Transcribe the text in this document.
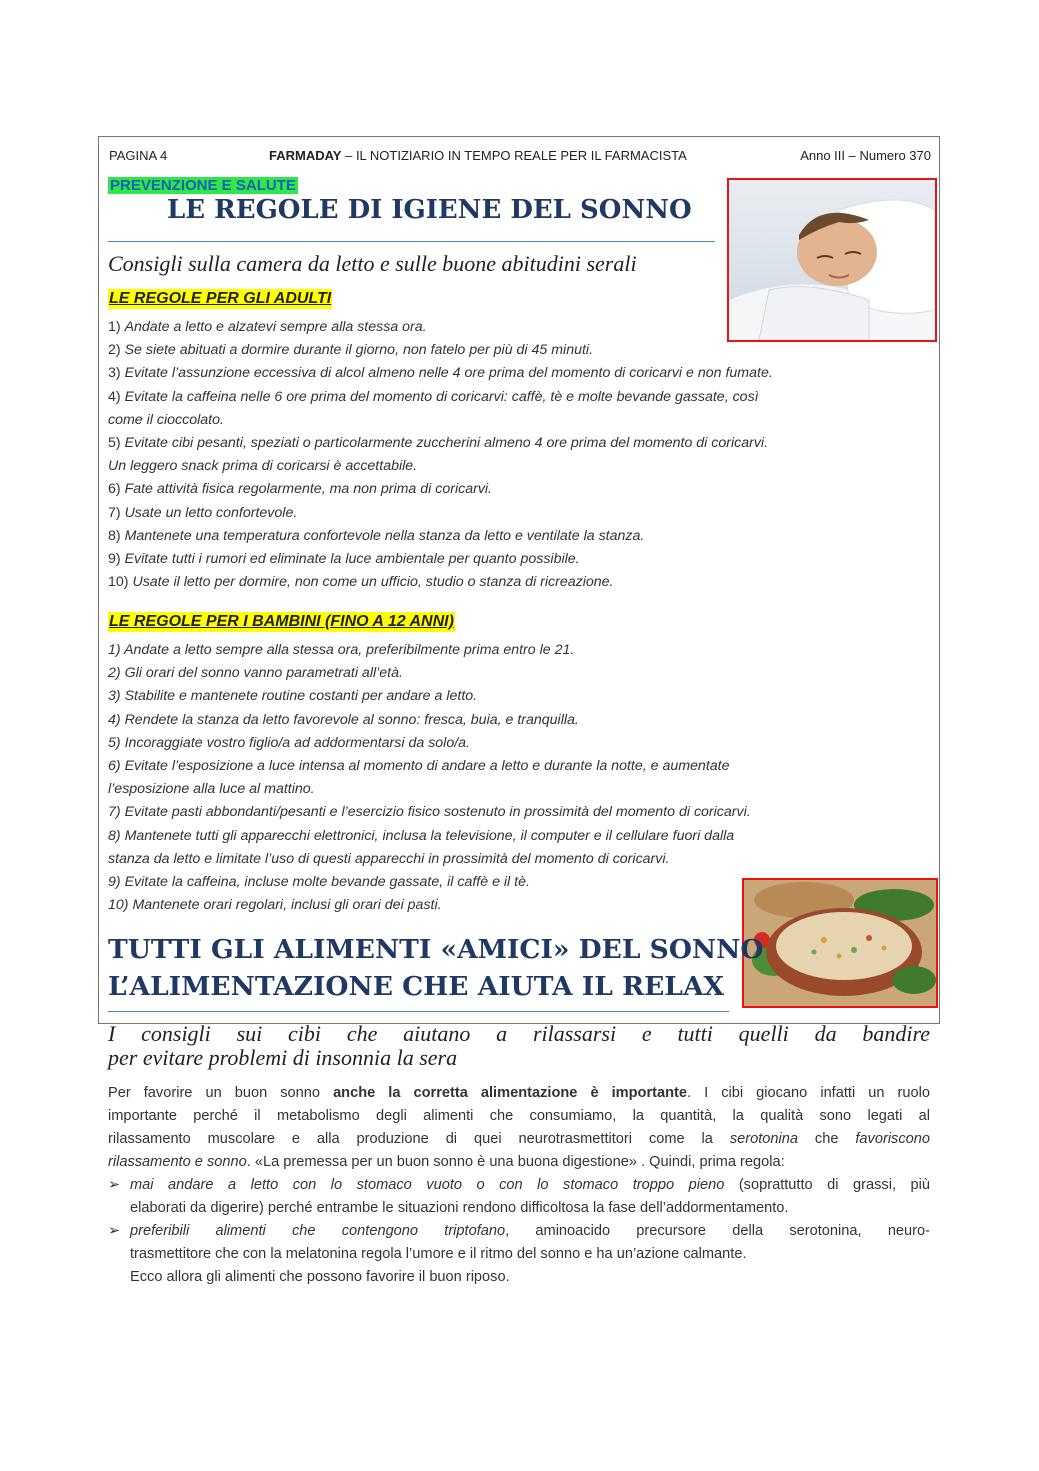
PAGINA 4	FARMADAY – IL NOTIZIARIO IN TEMPO REALE PER IL FARMACISTA	Anno III – Numero 370
PREVENZIONE E SALUTE
LE REGOLE DI IGIENE DEL SONNO
Consigli sulla camera da letto e sulle buone abitudini serali
LE REGOLE PER GLI ADULTI
1) Andate a letto e alzatevi sempre alla stessa ora.
2) Se siete abituati a dormire durante il giorno, non fatelo per più di 45 minuti.
3) Evitate l’assunzione eccessiva di alcol almeno nelle 4 ore prima del momento di coricarvi e non fumate.
4) Evitate la caffeina nelle 6 ore prima del momento di coricarvi: caffè, tè e molte bevande gassate, così
come il cioccolato.
5) Evitate cibi pesanti, speziati o particolarmente zuccherini almeno 4 ore prima del momento di coricarvi.
Un leggero snack prima di coricarsi è accettabile.
6) Fate attività fisica regolarmente, ma non prima di coricarvi.
7) Usate un letto confortevole.
8) Mantenete una temperatura confortevole nella stanza da letto e ventilate la stanza.
9) Evitate tutti i rumori ed eliminate la luce ambientale per quanto possibile.
10) Usate il letto per dormire, non come un ufficio, studio o stanza di ricreazione.
LE REGOLE PER I BAMBINI (FINO A 12 ANNI)
1) Andate a letto sempre alla stessa ora, preferibilmente prima entro le 21.
2) Gli orari del sonno vanno parametrati all’età.
3) Stabilite e mantenete routine costanti per andare a letto.
4) Rendete la stanza da letto favorevole al sonno: fresca, buia, e tranquilla.
5) Incoraggiate vostro figlio/a ad addormentarsi da solo/a.
6) Evitate l’esposizione a luce intensa al momento di andare a letto e durante la notte, e aumentate
l’esposizione alla luce al mattino.
7) Evitate pasti abbondanti/pesanti e l’esercizio fisico sostenuto in prossimità del momento di coricarvi.
8) Mantenete tutti gli apparecchi elettronici, inclusa la televisione, il computer e il cellulare fuori dalla
stanza da letto e limitate l’uso di questi apparecchi in prossimità del momento di coricarvi.
9) Evitate la caffeina, incluse molte bevande gassate, il caffè e il tè.
10) Mantenete orari regolari, inclusi gli orari dei pasti.
TUTTI GLI ALIMENTI «AMICI» DEL SONNO
L’ALIMENTAZIONE CHE AIUTA IL RELAX
I consigli sui cibi che aiutano a rilassarsi e tutti quelli da bandire
per evitare problemi di insonnia la sera
Per favorire un buon sonno anche la corretta alimentazione è importante. I cibi giocano infatti un ruolo
importante perché il metabolismo degli alimenti che consumiamo, la quantità, la qualità sono legati al
rilassamento muscolare e alla produzione di quei neurotrasmettitori come la serotonina che favoriscono
rilassamento e sonno. «La premessa per un buon sonno è una buona digestione» . Quindi, prima regola:
➢ mai andare a letto con lo stomaco vuoto o con lo stomaco troppo pieno (soprattutto di grassi, più
elaborati da digerire) perché entrambe le situazioni rendono difficoltosa la fase dell’addormentamento.
➢ preferibili alimenti che contengono triptofano, aminoacido precursore della serotonina, neuro-
trasmettitore che con la melatonina regola l’umore e il ritmo del sonno e ha un’azione calmante.
Ecco allora gli alimenti che possono favorire il buon riposo.
